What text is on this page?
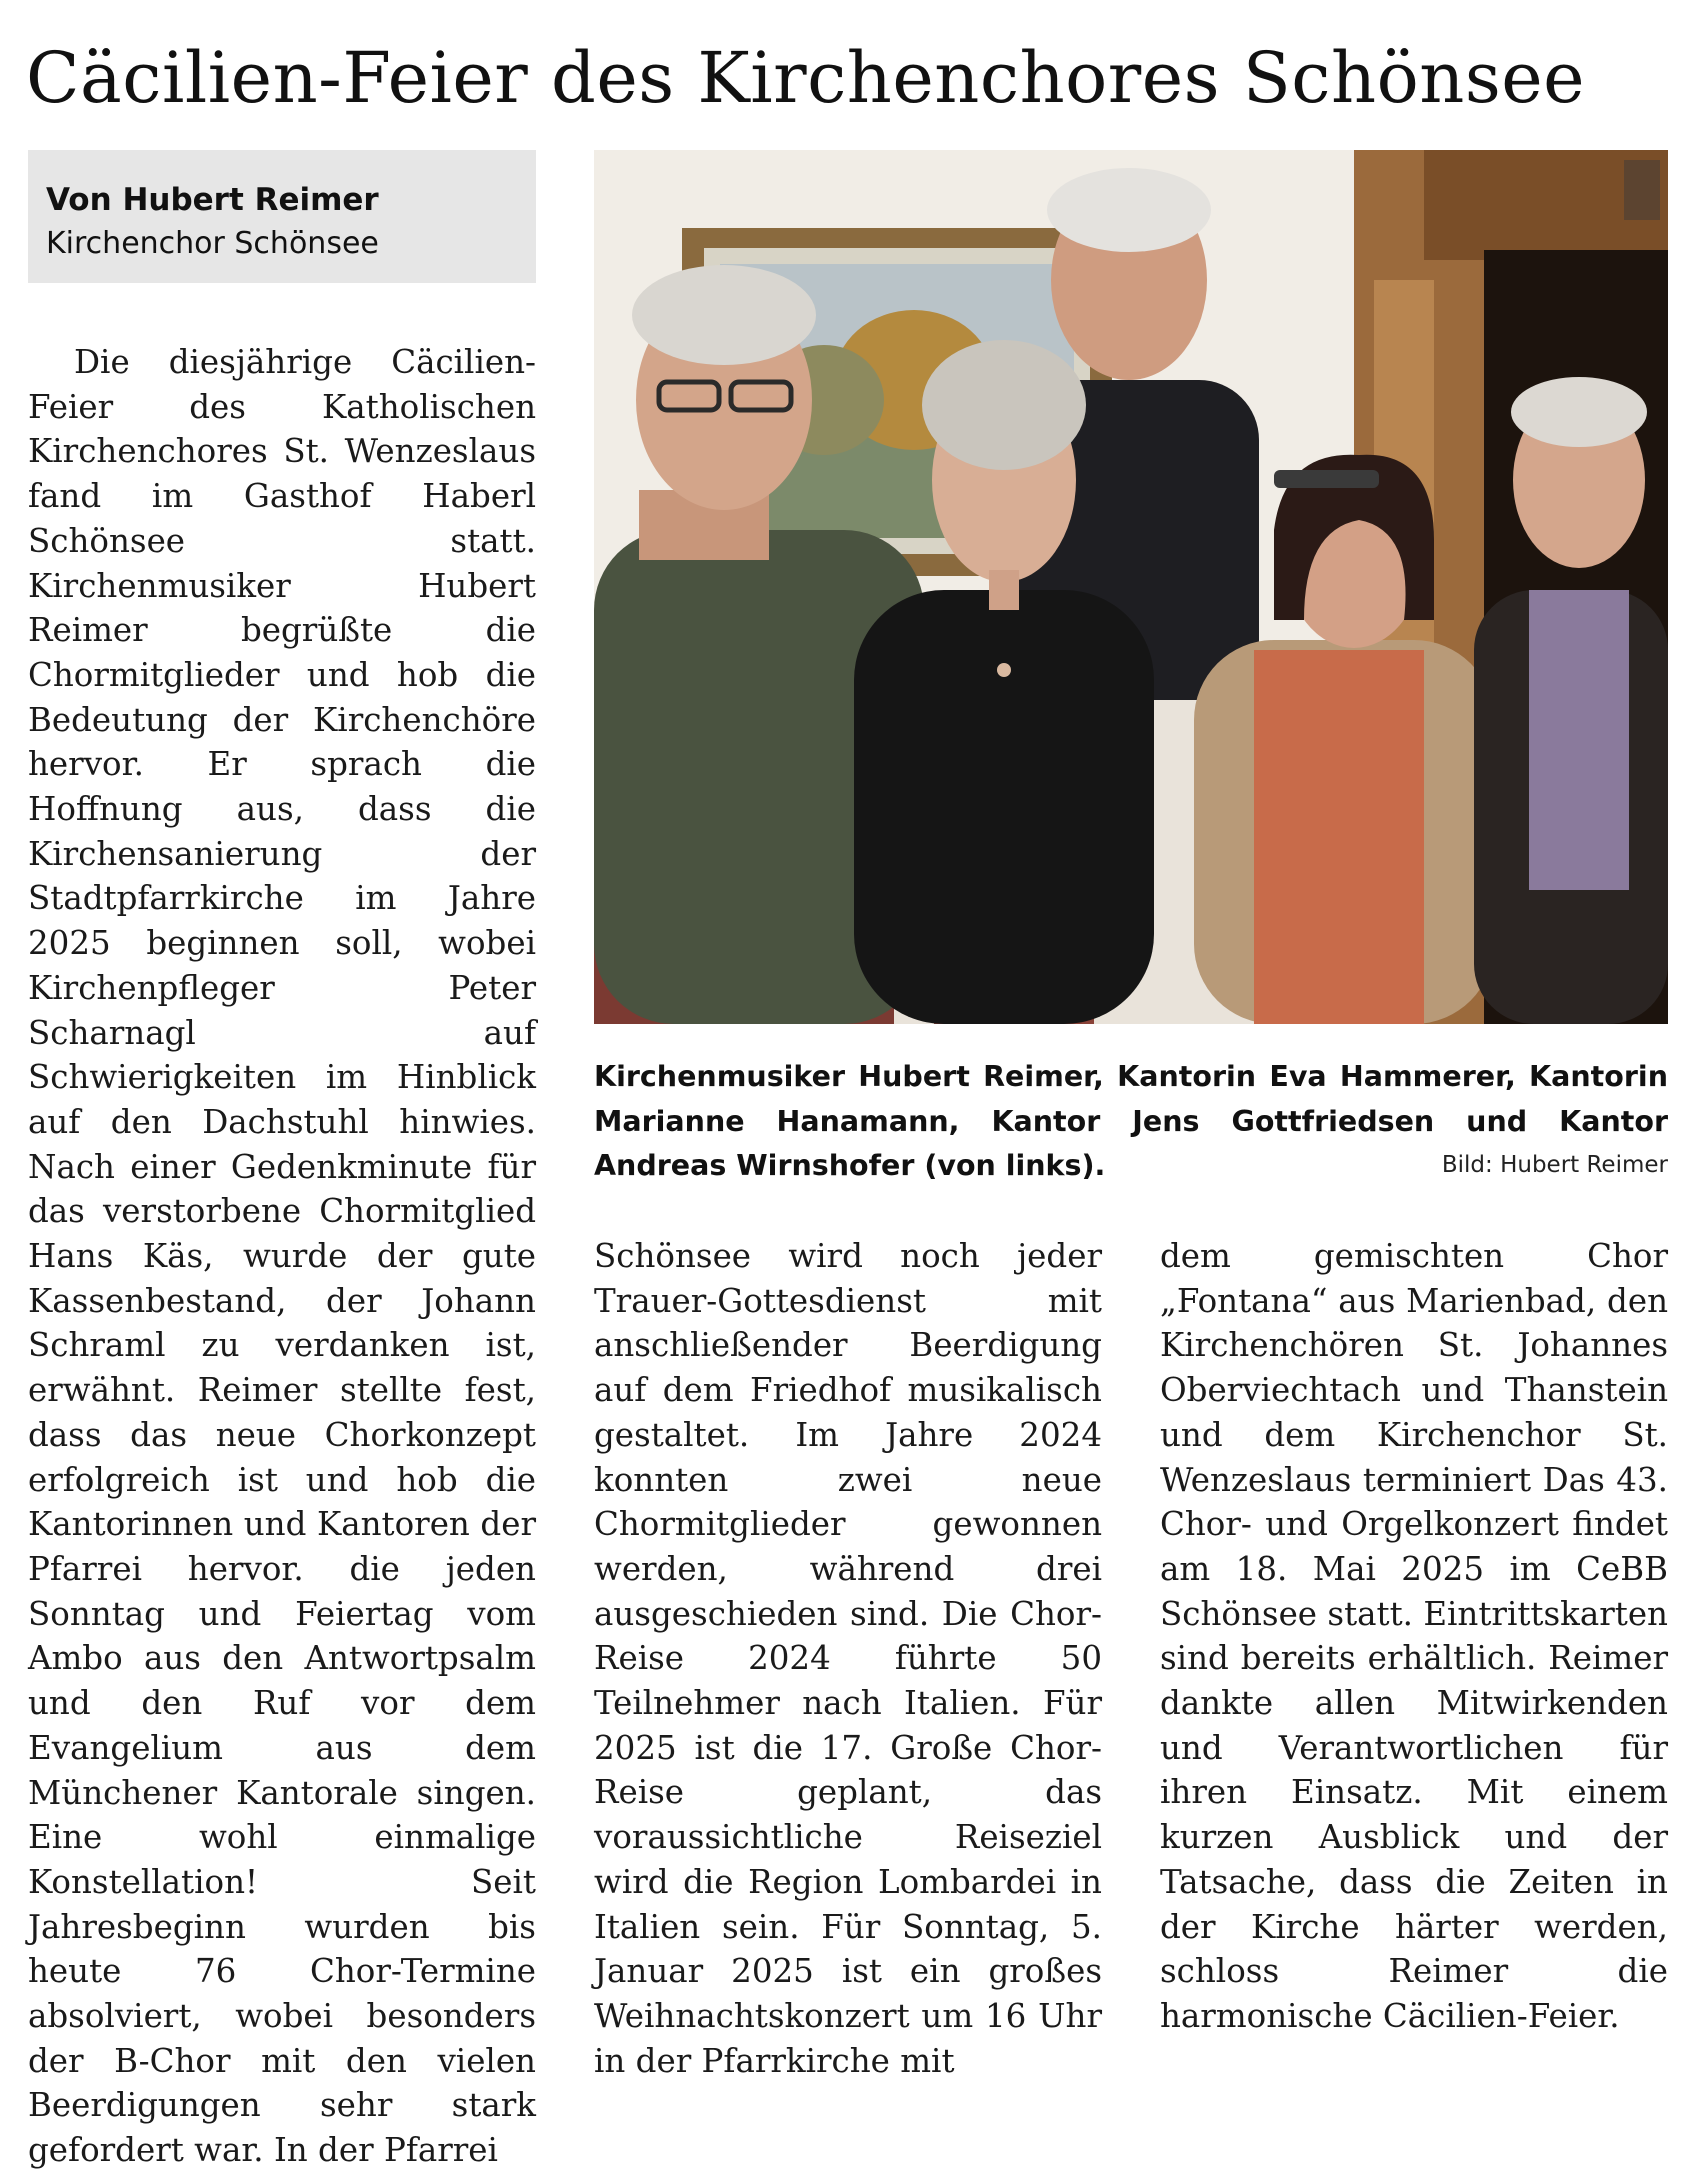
Cäcilien-Feier des Kirchenchores Schönsee
Von Hubert Reimer
Kirchenchor Schönsee

Die diesjährige Cäcilien-Feier des Katholischen Kirchenchores St. Wenzeslaus fand im Gasthof Haberl Schönsee statt. Kirchenmusiker Hubert Reimer begrüßte die Chormitglieder und hob die Bedeutung der Kirchenchöre hervor. Er sprach die Hoffnung aus, dass die Kirchensanierung der Stadtpfarrkirche im Jahre 2025 beginnen soll, wobei Kirchenpfleger Peter Scharnagl auf Schwierigkeiten im Hinblick auf den Dachstuhl hinwies. Nach einer Gedenkminute für das verstorbene Chormitglied Hans Käs, wurde der gute Kassenbestand, der Johann Schraml zu verdanken ist, erwähnt. Reimer stellte fest, dass das neue Chorkonzept erfolgreich ist und hob die Kantorinnen und Kantoren der Pfarrei hervor. die jeden Sonntag und Feiertag vom Ambo aus den Antwortpsalm und den Ruf vor dem Evangelium aus dem Münchener Kantorale singen. Eine wohl einmalige Konstellation! Seit Jahresbeginn wurden bis heute 76 Chor-Termine absolviert, wobei besonders der B-Chor mit den vielen Beerdigungen sehr stark gefordert war. In der Pfarrei

Kirchenmusiker Hubert Reimer, Kantorin Eva Hammerer, Kantorin Marianne Hanamann, Kantor Jens Gottfriedsen und Kantor Andreas Wirnshofer (von links).	Bild: Hubert Reimer

Schönsee wird noch jeder Trauer-Gottesdienst mit anschließender Beerdigung auf dem Friedhof musikalisch gestaltet. Im Jahre 2024 konnten zwei neue Chormitglieder gewonnen werden, während drei ausgeschieden sind. Die Chor-Reise 2024 führte 50 Teilnehmer nach Italien. Für 2025 ist die 17. Große Chor-Reise geplant, das voraussichtliche Reiseziel wird die Region Lombardei in Italien sein. Für Sonntag, 5. Januar 2025 ist ein großes Weihnachtskonzert um 16 Uhr in der Pfarrkirche mit

dem gemischten Chor „Fontana“ aus Marienbad, den Kirchenchören St. Johannes Oberviechtach und Thanstein und dem Kirchenchor St. Wenzeslaus terminiert Das 43. Chor- und Orgelkonzert findet am 18. Mai 2025 im CeBB Schönsee statt. Eintrittskarten sind bereits erhältlich. Reimer dankte allen Mitwirkenden und Verantwortlichen für ihren Einsatz. Mit einem kurzen Ausblick und der Tatsache, dass die Zeiten in der Kirche härter werden, schloss Reimer die harmonische Cäcilien-Feier.
